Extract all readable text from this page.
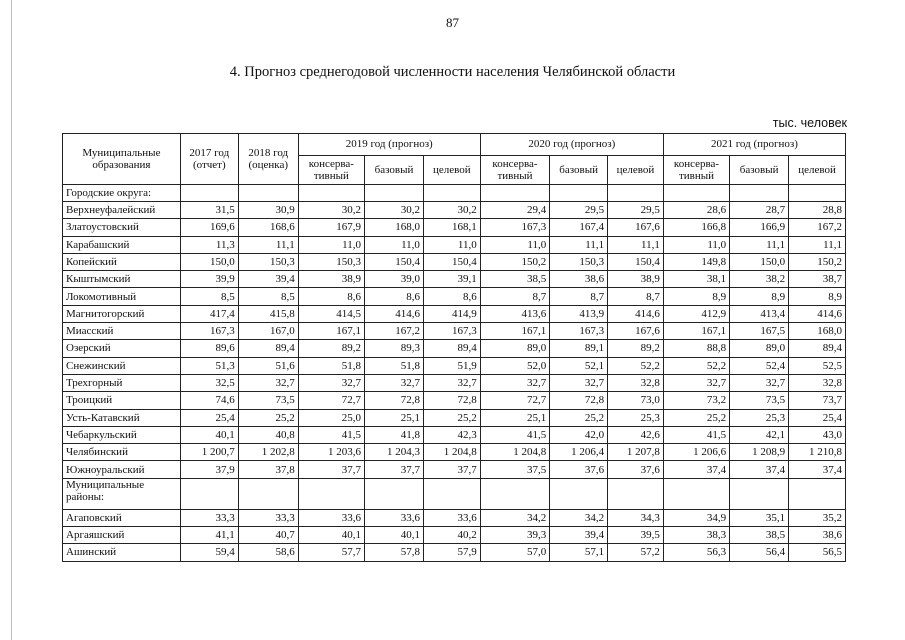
87
4. Прогноз среднегодовой численности населения Челябинской области
тыс. человек
Муниципальные образования	2017 год (отчет)	2018 год (оценка)	2019 год (прогноз)			2020 год (прогноз)			2021 год (прогноз)		
			консерва-тивный	базовый	целевой	консерва-тивный	базовый	целевой	консерва-тивный	базовый	целевой
Городские округа:											
Верхнеуфалейский	31,5	30,9	30,2	30,2	30,2	29,4	29,5	29,5	28,6	28,7	28,8
Златоустовский	169,6	168,6	167,9	168,0	168,1	167,3	167,4	167,6	166,8	166,9	167,2
Карабашский	11,3	11,1	11,0	11,0	11,0	11,0	11,1	11,1	11,0	11,1	11,1
Копейский	150,0	150,3	150,3	150,4	150,4	150,2	150,3	150,4	149,8	150,0	150,2
Кыштымский	39,9	39,4	38,9	39,0	39,1	38,5	38,6	38,9	38,1	38,2	38,7
Локомотивный	8,5	8,5	8,6	8,6	8,6	8,7	8,7	8,7	8,9	8,9	8,9
Магнитогорский	417,4	415,8	414,5	414,6	414,9	413,6	413,9	414,6	412,9	413,4	414,6
Миасский	167,3	167,0	167,1	167,2	167,3	167,1	167,3	167,6	167,1	167,5	168,0
Озерский	89,6	89,4	89,2	89,3	89,4	89,0	89,1	89,2	88,8	89,0	89,4
Снежинский	51,3	51,6	51,8	51,8	51,9	52,0	52,1	52,2	52,2	52,4	52,5
Трехгорный	32,5	32,7	32,7	32,7	32,7	32,7	32,7	32,8	32,7	32,7	32,8
Троицкий	74,6	73,5	72,7	72,8	72,8	72,7	72,8	73,0	73,2	73,5	73,7
Усть-Катавский	25,4	25,2	25,0	25,1	25,2	25,1	25,2	25,3	25,2	25,3	25,4
Чебаркульский	40,1	40,8	41,5	41,8	42,3	41,5	42,0	42,6	41,5	42,1	43,0
Челябинский	1 200,7	1 202,8	1 203,6	1 204,3	1 204,8	1 204,8	1 206,4	1 207,8	1 206,6	1 208,9	1 210,8
Южноуральский	37,9	37,8	37,7	37,7	37,7	37,5	37,6	37,6	37,4	37,4	37,4
Муниципальные районы:											
Агаповский	33,3	33,3	33,6	33,6	33,6	34,2	34,2	34,3	34,9	35,1	35,2
Аргаяшский	41,1	40,7	40,1	40,1	40,2	39,3	39,4	39,5	38,3	38,5	38,6
Ашинский	59,4	58,6	57,7	57,8	57,9	57,0	57,1	57,2	56,3	56,4	56,5
